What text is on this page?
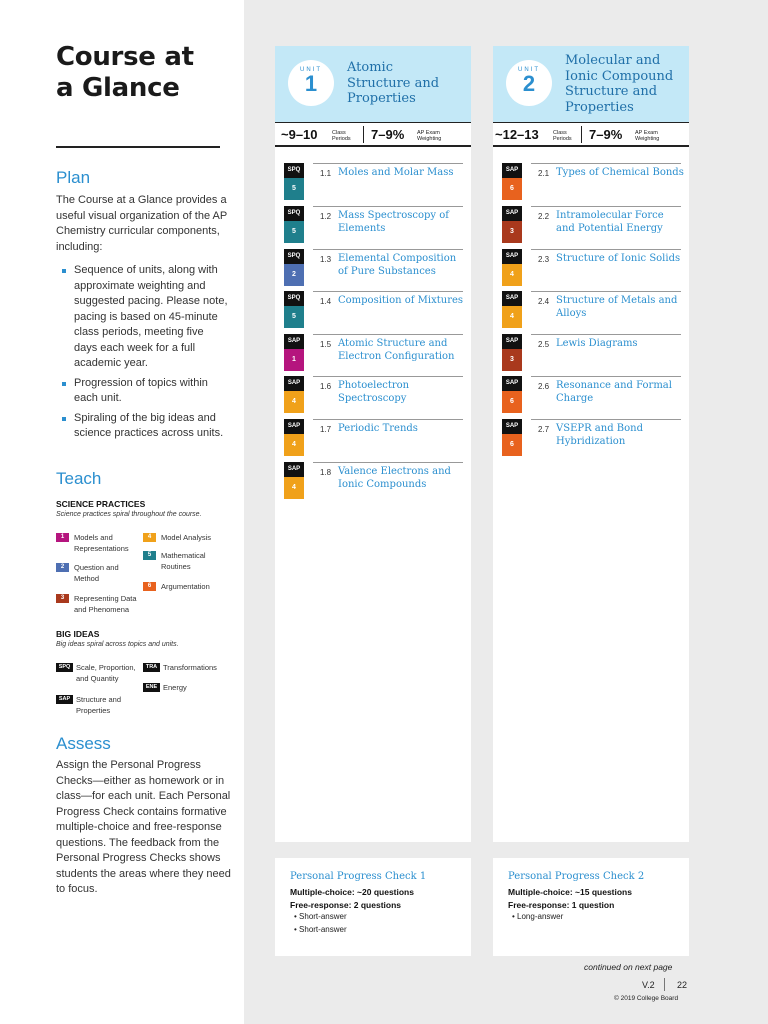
Course at
a Glance
Plan
The Course at a Glance provides a useful visual organization of the AP Chemistry curricular components, including:
Sequence of units, along with approximate weighting and suggested pacing. Please note, pacing is based on 45-minute class periods, meeting five days each week for a full academic year.
Progression of topics within each unit.
Spiraling of the big ideas and science practices across units.
Teach
SCIENCE PRACTICES
Science practices spiral throughout the course.
1	Models and Representations
2	Question and Method
3	Representing Data and Phenomena
4	Model Analysis
5	Mathematical Routines
6	Argumentation
BIG IDEAS
Big ideas spiral across topics and units.
SPQ Scale, Proportion, and Quantity
SAP Structure and Properties
TRA Transformations
ENE Energy
Assess
Assign the Personal Progress Checks—either as homework or in class—for each unit. Each Personal Progress Check contains formative multiple-choice and free-response questions. The feedback from the Personal Progress Checks shows students the areas where they need to focus.
UNIT
1
Atomic
Structure and
Properties
~9–10	Class
Periods 7–9% AP Exam
Weighting
SPQ
5
1.1 Moles and Molar Mass
SPQ
5
1.2 Mass Spectroscopy of Elements
SPQ
2
1.3 Elemental Composition of Pure Substances
SPQ
5
1.4 Composition of Mixtures
SAP
1
1.5 Atomic Structure and Electron Configuration
SAP
4
1.6 Photoelectron Spectroscopy
SAP
4
1.7 Periodic Trends
SAP
4
1.8 Valence Electrons and Ionic Compounds
UNIT
2
Molecular and
Ionic Compound
Structure and
Properties
~12–13	Class
Periods 7–9% AP Exam
Weighting
SAP
6
2.1 Types of Chemical Bonds
SAP
3
2.2 Intramolecular Force and Potential Energy
SAP
4
2.3 Structure of Ionic Solids
SAP
4
2.4 Structure of Metals and Alloys
SAP
3
2.5 Lewis Diagrams
SAP
6
2.6 Resonance and Formal Charge
SAP
6
2.7 VSEPR and Bond Hybridization
Personal Progress Check 1
Multiple-choice: ~20 questions
Free-response: 2 questions
• Short-answer
• Short-answer
Personal Progress Check 2
Multiple-choice: ~15 questions
Free-response: 1 question
• Long-answer
continued on next page
V.2 22
© 2019 College Board
